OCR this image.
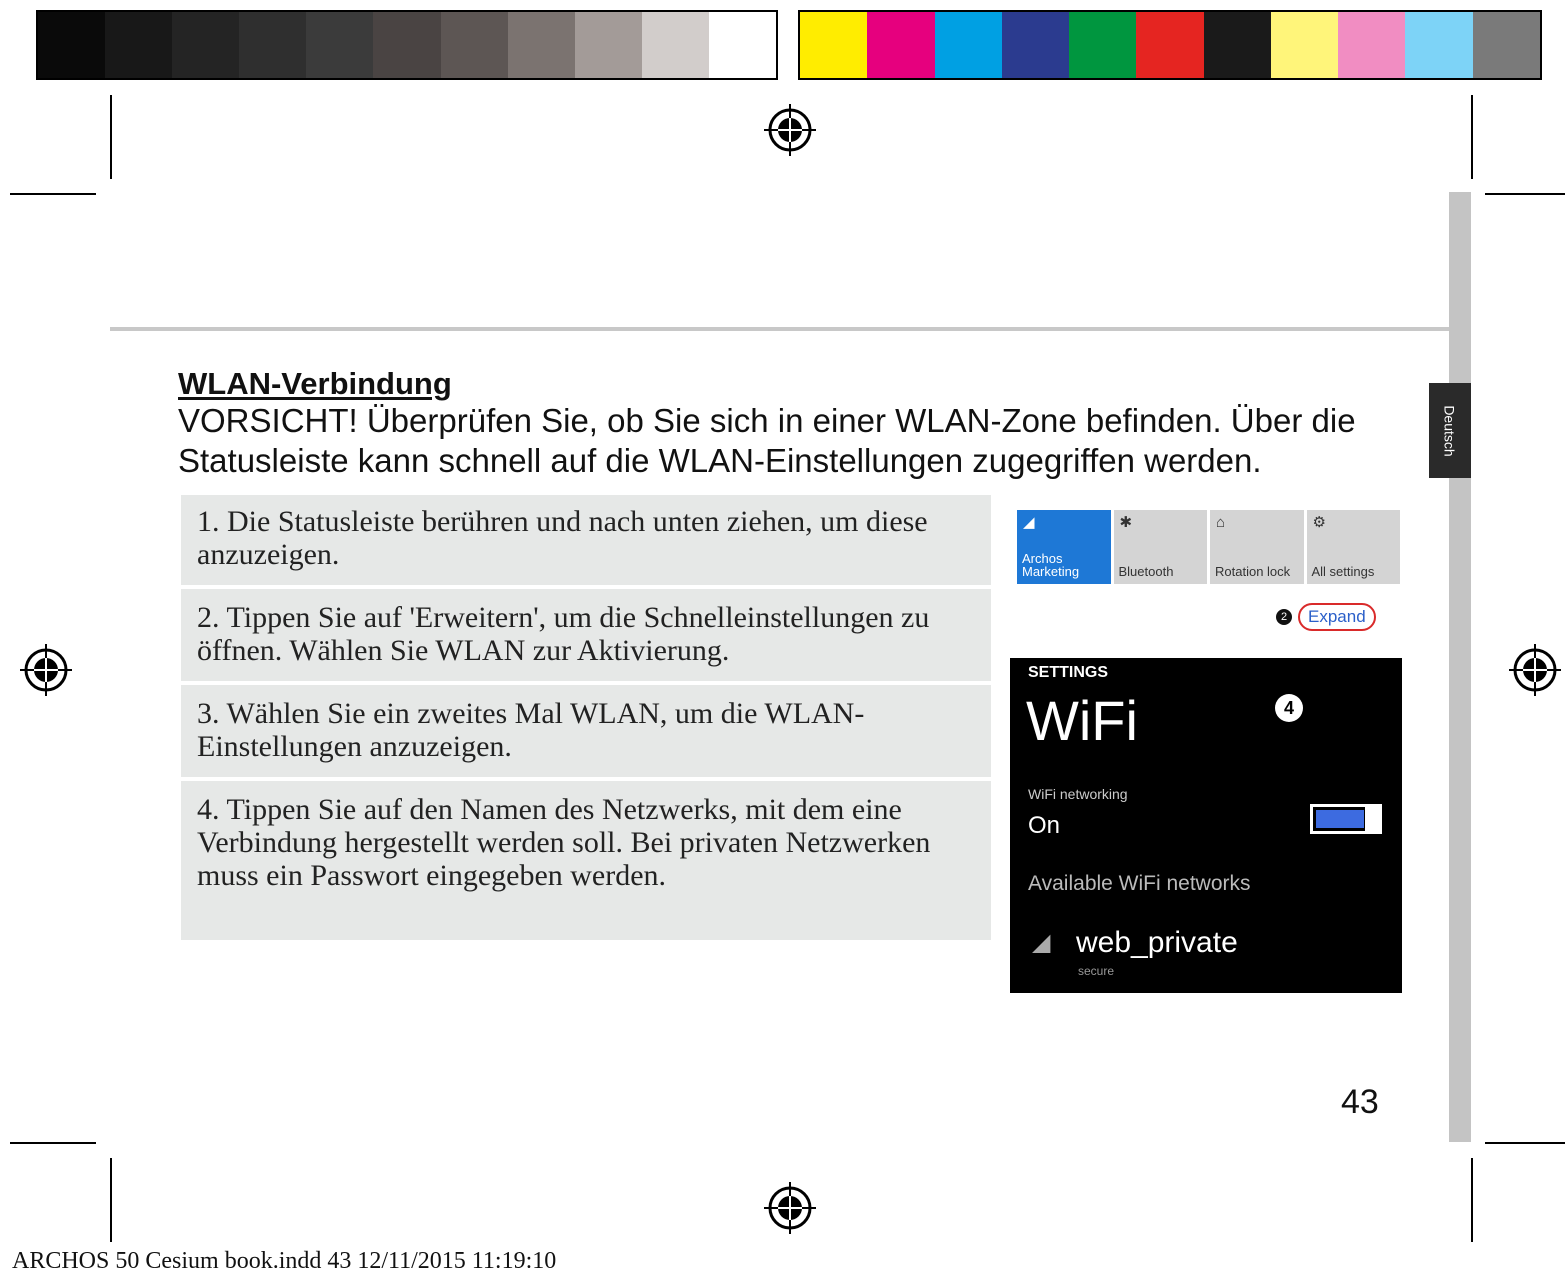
Deutsch
WLAN-Verbindung
VORSICHT! Überprüfen Sie, ob Sie sich in einer WLAN-Zone befinden. Über die Statusleiste kann schnell auf die WLAN-Einstellungen zugegriffen werden.
1. Die Statusleiste berühren und nach unten ziehen, um diese anzuzeigen.
2. Tippen Sie auf 'Erweitern', um die Schnelleinstellungen zu öffnen. Wählen Sie WLAN zur Aktivierung.
3. Wählen Sie ein zweites Mal WLAN, um die WLAN-Einstellungen anzuzeigen.
4. Tippen Sie auf den Namen des Netzwerks, mit dem eine Verbindung hergestellt werden soll. Bei privaten Netzwerken muss ein Passwort eingegeben werden.
◢
Archos Marketing
✱
Bluetooth
⌂
Rotation lock
⚙
All settings
2	Expand
SETTINGS
WiFi	4
WiFi networking
On
Available WiFi networks
◢ web_private
secure
43
ARCHOS 50 Cesium book.indd 43 12/11/2015 11:19:10
